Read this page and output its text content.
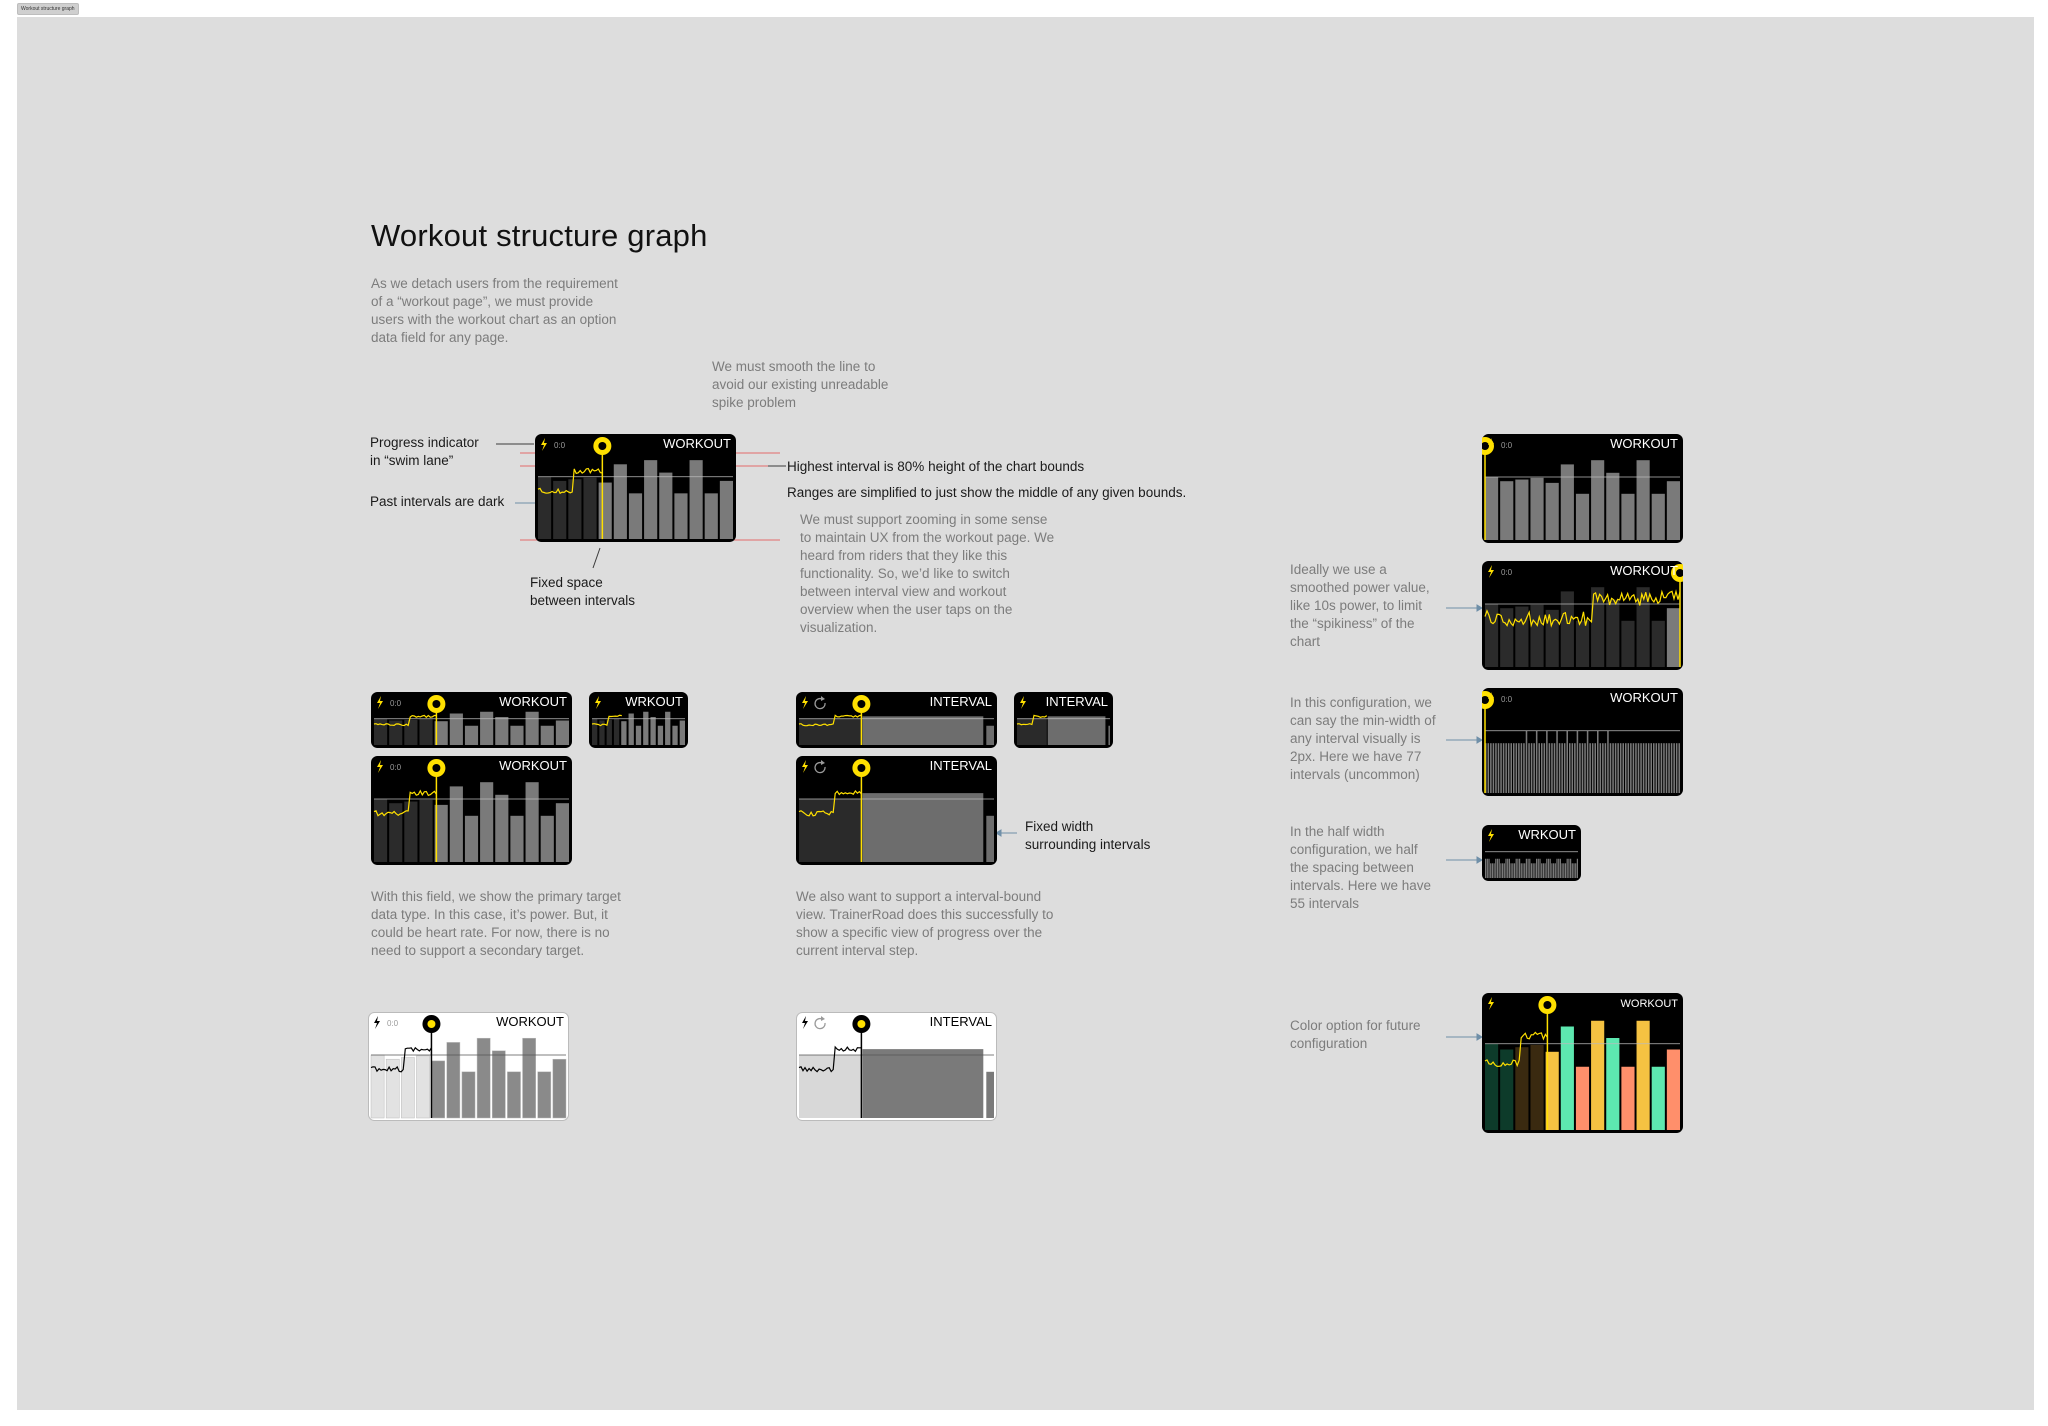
Workout structure graph
Workout structure graph
As we detach users from the requirement
of a “workout page”, we must provide
users with the workout chart as an option
data field for any page.
We must smooth the line to
avoid our existing unreadable
spike problem
Progress indicator
in “swim lane”
Past intervals are dark
Fixed space
between intervals
Highest interval is 80% height of the chart bounds
Ranges are simplified to just show the middle of any given bounds.
We must support zooming in some sense
to maintain UX from the workout page. We
heard from riders that they like this
functionality. So, we’d like to switch
between interval view and workout
overview when the user taps on the
visualization.
With this field, we show the primary target
data type. In this case, it’s power. But, it
could be heart rate. For now, there is no
need to support a secondary target.
We also want to support a interval-bound
view. TrainerRoad does this successfully to
show a specific view of progress over the
current interval step.
Fixed width
surrounding intervals
Ideally we use a
smoothed power value,
like 10s power, to limit
the “spikiness” of the
chart
In this configuration, we
can say the min-width of
any interval visually is
2px. Here we have 77
intervals (uncommon)
In the half width
configuration, we half
the spacing between
intervals. Here we have
55 intervals
Color option for future
configuration
0:0	WORKOUT
0:0	WORKOUT	WRKOUT
0:0	WORKOUT
INTERVAL	INTERVAL
INTERVAL
0:0	WORKOUT	INTERVAL
0:0	WORKOUT
0:0	WORKOUT
0:0	WORKOUT
WRKOUT
WORKOUT
